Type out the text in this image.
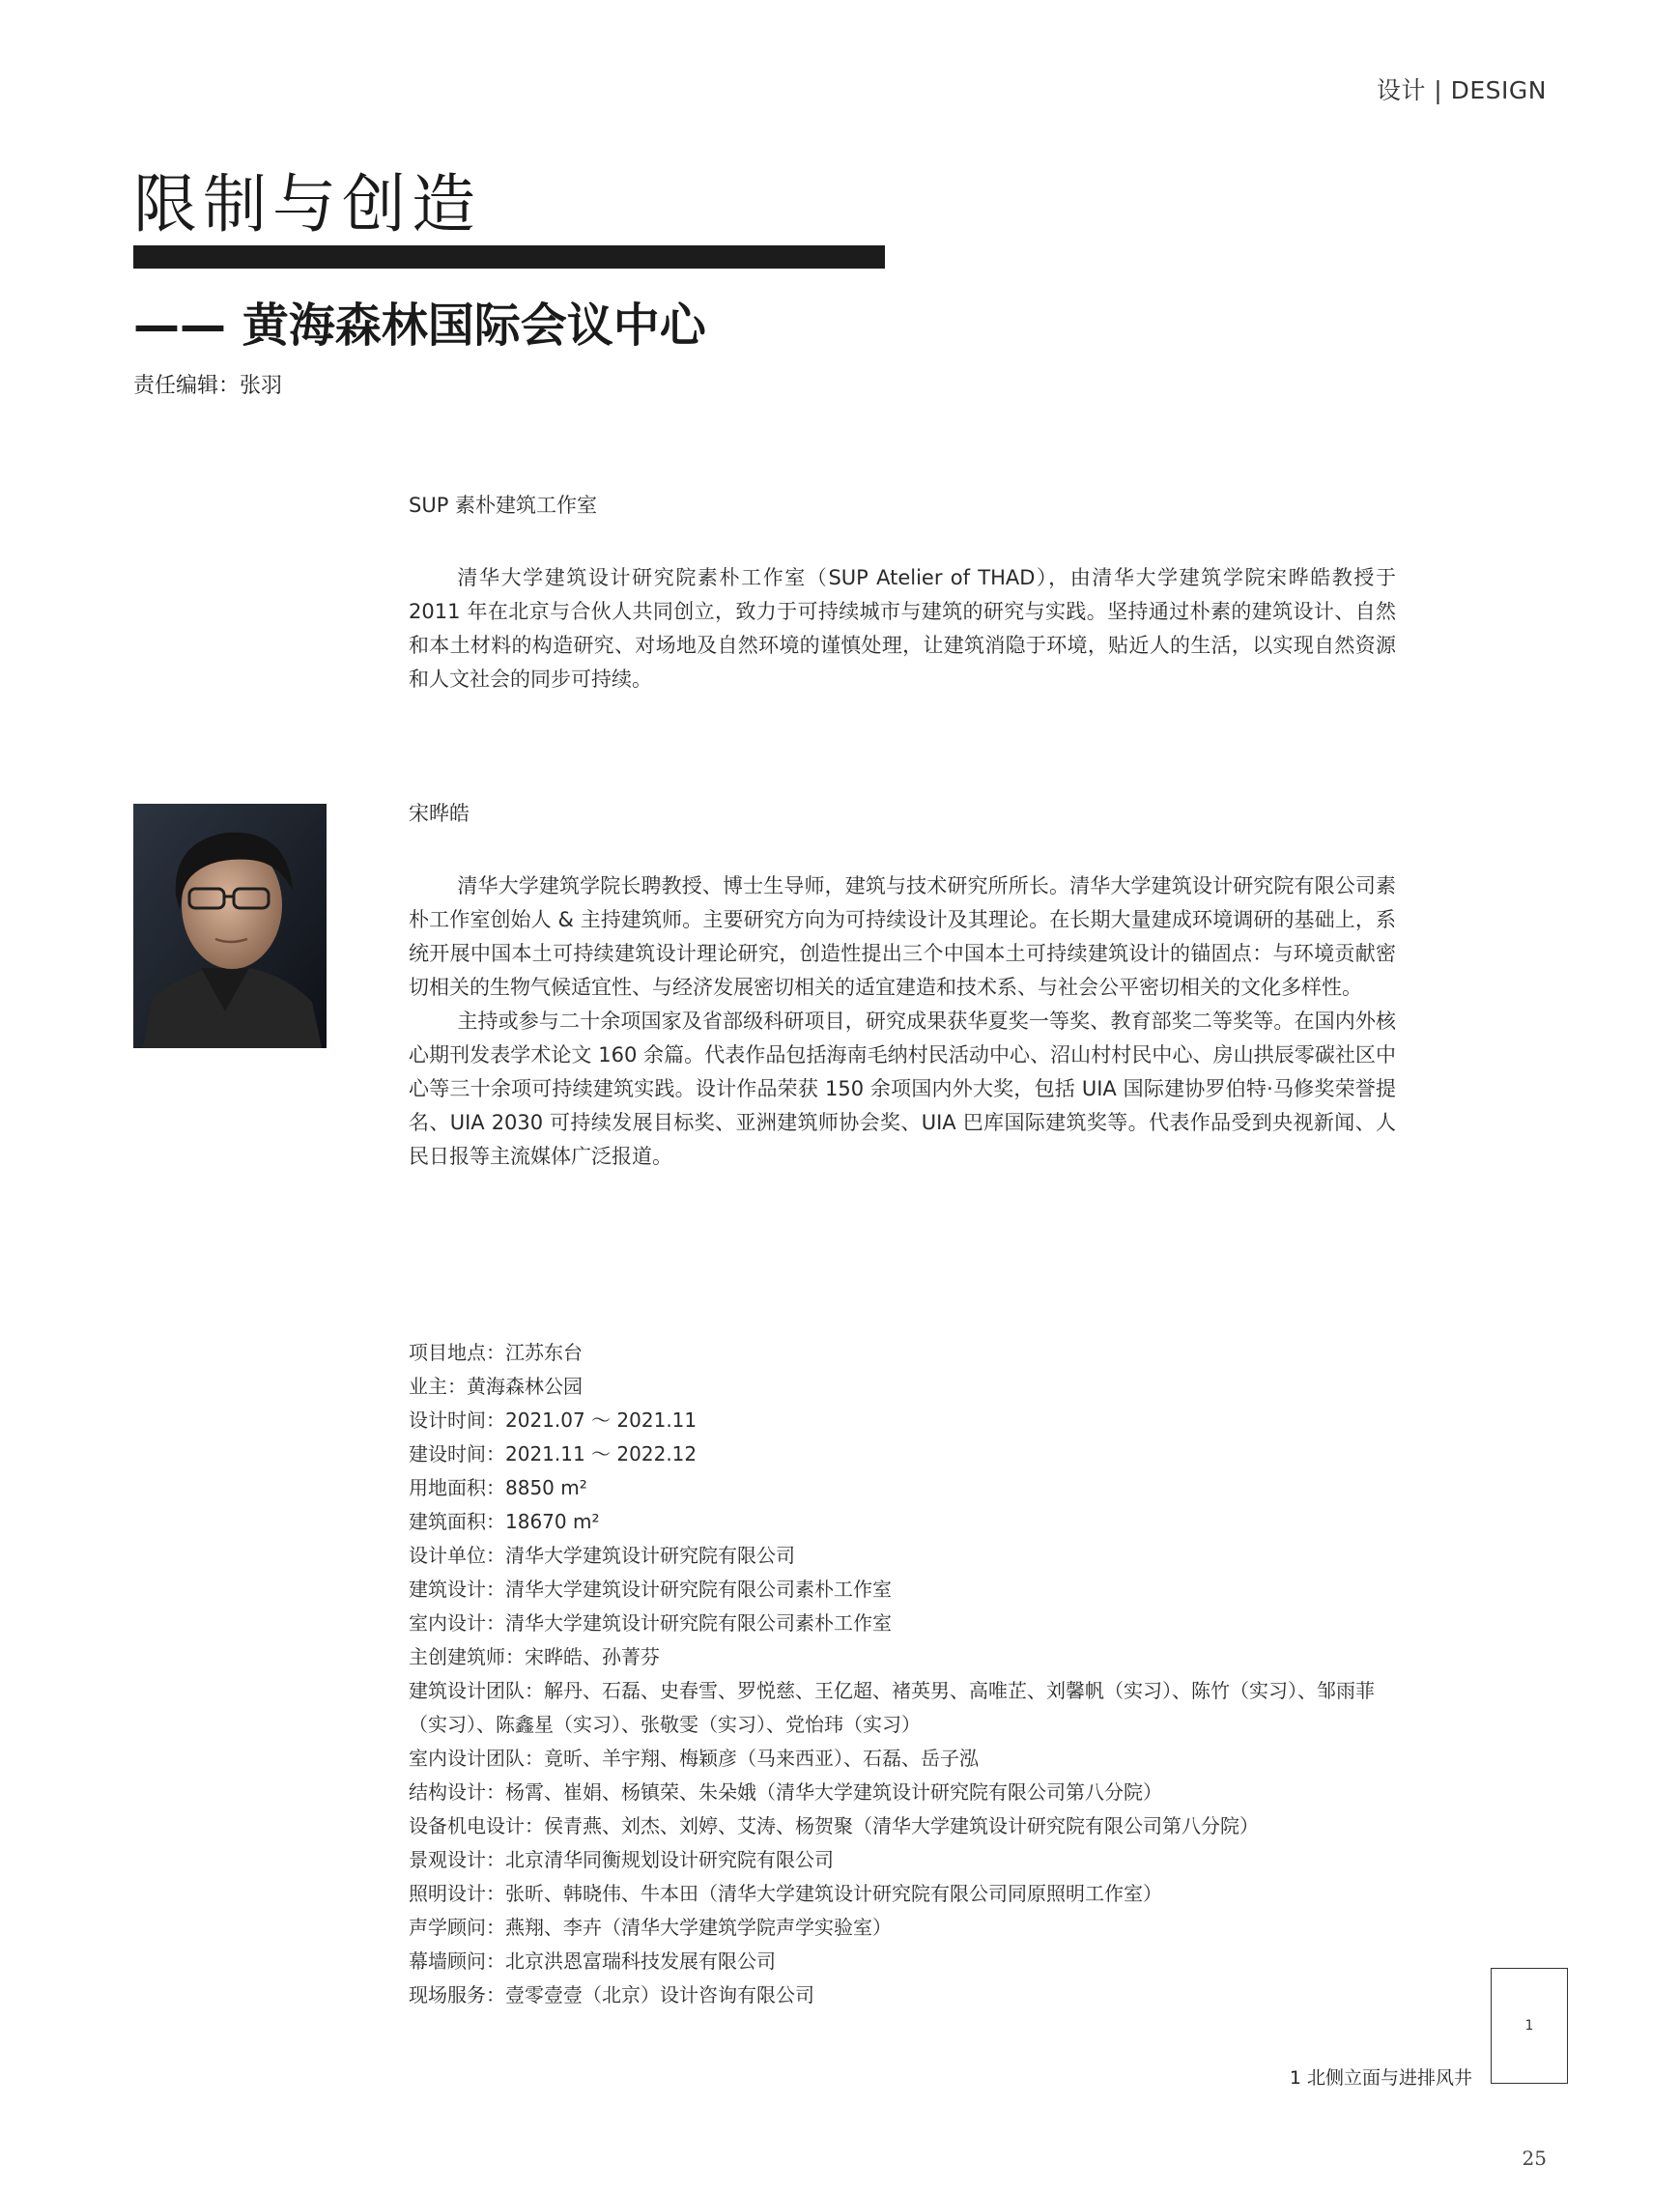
设计 | DESIGN
限制与创造
—— 黄海森林国际会议中心
责任编辑：张羽
SUP 素朴建筑工作室

清华大学建筑设计研究院素朴工作室（SUP Atelier of THAD），由清华大学建筑学院宋晔皓教授于 2011 年在北京与合伙人共同创立，致力于可持续城市与建筑的研究与实践。坚持通过朴素的建筑设计、自然和本土材料的构造研究、对场地及自然环境的谨慎处理，让建筑消隐于环境，贴近人的生活，以实现自然资源和人文社会的同步可持续。

宋晔皓

清华大学建筑学院长聘教授、博士生导师，建筑与技术研究所所长。清华大学建筑设计研究院有限公司素朴工作室创始人 & 主持建筑师。主要研究方向为可持续设计及其理论。在长期大量建成环境调研的基础上，系统开展中国本土可持续建筑设计理论研究，创造性提出三个中国本土可持续建筑设计的锚固点：与环境贡献密切相关的生物气候适宜性、与经济发展密切相关的适宜建造和技术系、与社会公平密切相关的文化多样性。

主持或参与二十余项国家及省部级科研项目，研究成果获华夏奖一等奖、教育部奖二等奖等。在国内外核心期刊发表学术论文 160 余篇。代表作品包括海南毛纳村民活动中心、沼山村村民中心、房山拱辰零碳社区中心等三十余项可持续建筑实践。设计作品荣获 150 余项国内外大奖，包括 UIA 国际建协罗伯特·马修奖荣誉提名、UIA 2030 可持续发展目标奖、亚洲建筑师协会奖、UIA 巴库国际建筑奖等。代表作品受到央视新闻、人民日报等主流媒体广泛报道。

项目地点：江苏东台
业主：黄海森林公园
设计时间：2021.07 ～ 2021.11
建设时间：2021.11 ～ 2022.12
用地面积：8850 m²
建筑面积：18670 m²
设计单位：清华大学建筑设计研究院有限公司
建筑设计：清华大学建筑设计研究院有限公司素朴工作室
室内设计：清华大学建筑设计研究院有限公司素朴工作室
主创建筑师：宋晔皓、孙菁芬
建筑设计团队：解丹、石磊、史春雪、罗悦慈、王亿超、褚英男、高唯芷、刘馨帆（实习）、陈竹（实习）、邹雨菲（实习）、陈鑫星（实习）、张敬雯（实习）、党怡玮（实习）
室内设计团队：竟昕、羊宇翔、梅颖彦（马来西亚）、石磊、岳子泓
结构设计：杨霄、崔娟、杨镇荣、朱朵娥（清华大学建筑设计研究院有限公司第八分院）
设备机电设计：侯青燕、刘杰、刘婷、艾涛、杨贺聚（清华大学建筑设计研究院有限公司第八分院）
景观设计：北京清华同衡规划设计研究院有限公司
照明设计：张昕、韩晓伟、牛本田（清华大学建筑设计研究院有限公司同原照明工作室）
声学顾问：燕翔、李卉（清华大学建筑学院声学实验室）
幕墙顾问：北京洪恩富瑞科技发展有限公司
现场服务：壹零壹壹（北京）设计咨询有限公司
1
1 北侧立面与进排风井
25
